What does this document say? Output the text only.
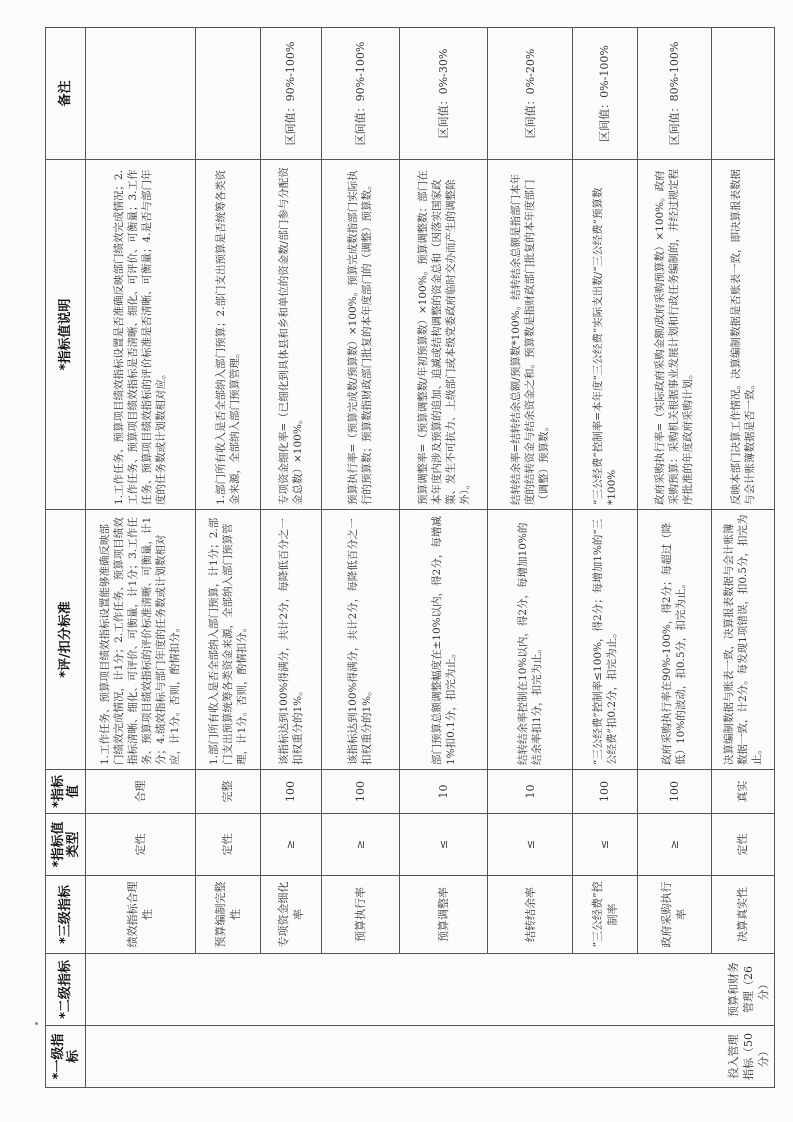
*一级指标	*二级指标	*三级指标	*指标值类型	*指标值	*评/扣分标准	*指标值说明	备注
投入管理指标（50分）	预算和财务管理（26分）	绩效指标合理性	定性	合理	1.工作任务、预算项目绩效指标设置能够准确反映部门绩效完成情况，计1分；2.工作任务、预算项目绩效指标清晰、细化、可评价、可衡量，计1分；3.工作任务、预算项目绩效指标的评价标准清晰、可衡量，计1分；4.绩效指标与部门年度的任务数或计划数相对应，计1分。否则，酌情扣分。	1.工作任务、预算项目绩效指标设置是否准确反映部门绩效完成情况；2.工作任务、预算项目绩效指标是否清晰、细化、可评价、可衡量；3.工作任务、预算项目绩效指标的评价标准是否清晰、可衡量；4.是否与部门年度的任务数或计划数相对应。	
		预算编制完整性	定性	完整	1.部门所有收入是否全部纳入部门预算，计1分；2.部门支出预算统筹各类资金来源，全部纳入部门预算管理，计1分。否则，酌情扣分。	1.部门所有收入是否全部纳入部门预算；2.部门支出预算是否统筹各类资金来源，全部纳入部门预算管理。	
		专项资金细化率	≥	100	该指标达到100%得满分，共计2分，每降低百分之一扣权重分的1%。	专项资金细化率=（已细化到具体县和乡和单位的资金数/部门参与分配资金总数）×100%。	区间值：90%-100%
		预算执行率	≥	100	该指标达到100%得满分，共计2分，每降低百分之一扣权重分的1%。	预算执行率=（预算完成数/预算数）×100%。预算完成数指部门实际执行的预算数；预算数指财政部门批复的本年度部门的（调整）预算数。	区间值：90%-100%
		预算调整率	≤	10	部门预算总额调整幅度在±10%以内，得2分，每增减1%扣0.1分，扣完为止。	预算调整率=（预算调整数/年初预算数）×100%。预算调整数：部门在本年度内涉及预算的追加、追减或结构调整的资金总和（因落实国家政策、发生不可抗力、上级部门或本级党委政府临时交办而产生的调整除外）。	区间值：0%-30%
		结转结余率	≤	10	结转结余率控制在10%以内，得2分，每增加10%的结余率扣1分，扣完为止。	结转结余率=结转结余总额/预算数*100%。结转结余总额是指部门本年度的结转资金与结余资金之和。预算数是指财政部门批复的本年度部门（调整）预算数。	区间值：0%-20%
		“三公经费”控制率	≤	100	“三公经费”控制率≤100%，得2分；每增加1%的“三公经费”扣0.2分，扣完为止。	“三公经费”控制率=本年度“三公经费”实际支出数/“三公经费”预算数*100%	区间值：0%-100%
		政府采购执行率	≥	100	政府采购执行率在90%-100%，得2分；每超过（降低）10%的波动，扣0.5分，扣完为止。	政府采购执行率=（实际政府采购金额/政府采购预算数）×100%。政府采购预算：采购机关根据事业发展计划和行政任务编制的，并经过规定程序批准的年度政府采购计划。	区间值：80%-100%
		决算真实性	定性	真实	决算编制数据与账表一致，决算报表数据与会计账簿数据一致，计2分。每发现1项错误，扣0.5分，扣完为止。	反映本部门决算工作情况。决算编制数据是否账表一致，即决算报表数据与会计账簿数据是否一致。	
